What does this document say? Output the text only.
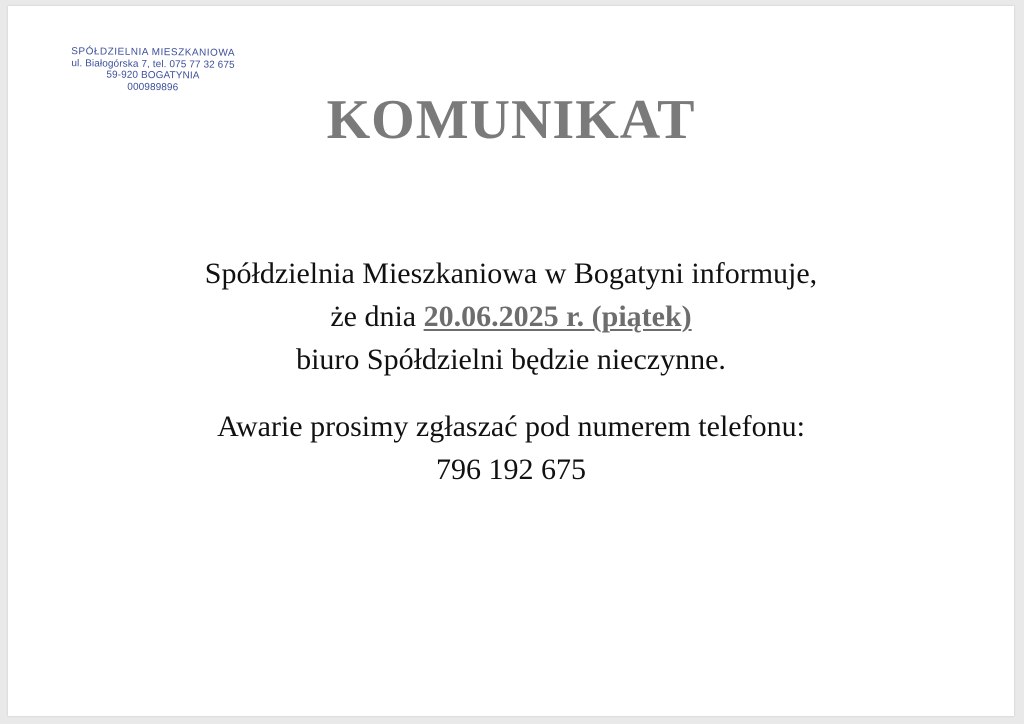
SPÓŁDZIELNIA MIESZKANIOWA
ul. Białogórska 7, tel. 075 77 32 675
59-920 BOGATYNIA
000989896
KOMUNIKAT
Spółdzielnia Mieszkaniowa w Bogatyni informuje,
że dnia 20.06.2025 r. (piątek)
biuro Spółdzielni będzie nieczynne.
Awarie prosimy zgłaszać pod numerem telefonu:
796 192 675
